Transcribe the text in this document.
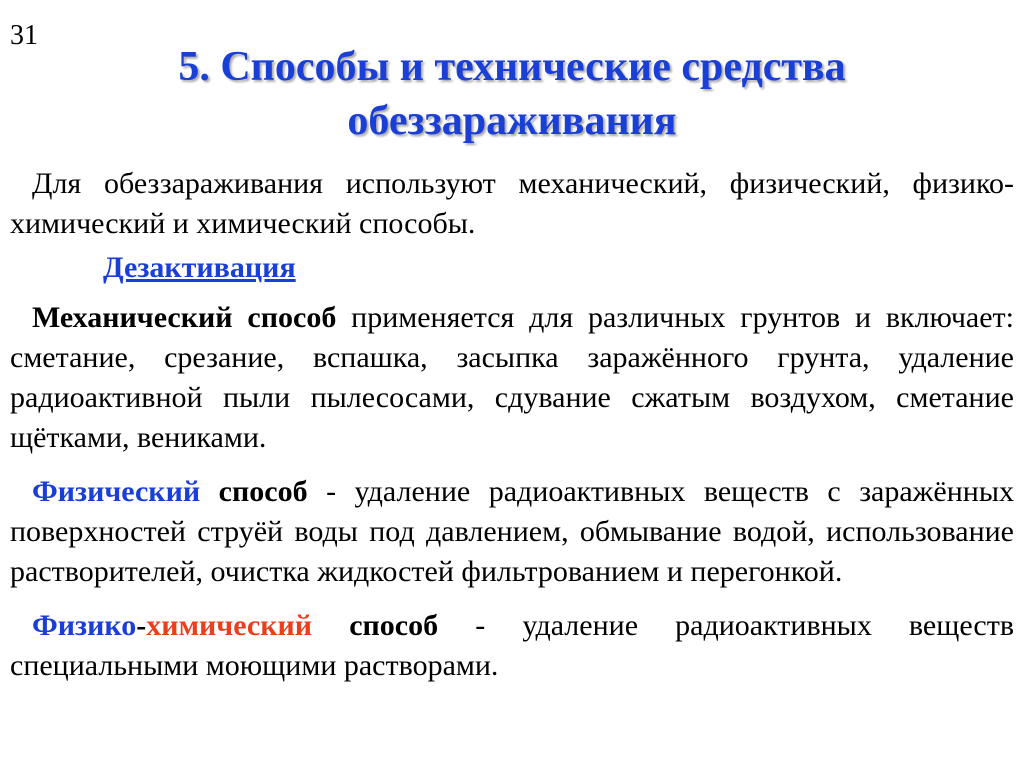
31
5. Способы и технические средства
обеззараживания

Для обеззараживания используют механический, физический, физико-химический и химический способы.

Дезактивация

Механический способ применяется для различных грунтов и включает: сметание, срезание, вспашка, засыпка заражённого грунта, удаление радиоактивной пыли пылесосами, сдувание сжатым воздухом, сметание щётками, вениками.

Физический способ - удаление радиоактивных веществ с заражённых поверхностей струёй воды под давлением, обмывание водой, использование растворителей, очистка жидкостей фильтрованием и перегонкой.

Физико-химический способ - удаление радиоактивных веществ специальными моющими растворами.
